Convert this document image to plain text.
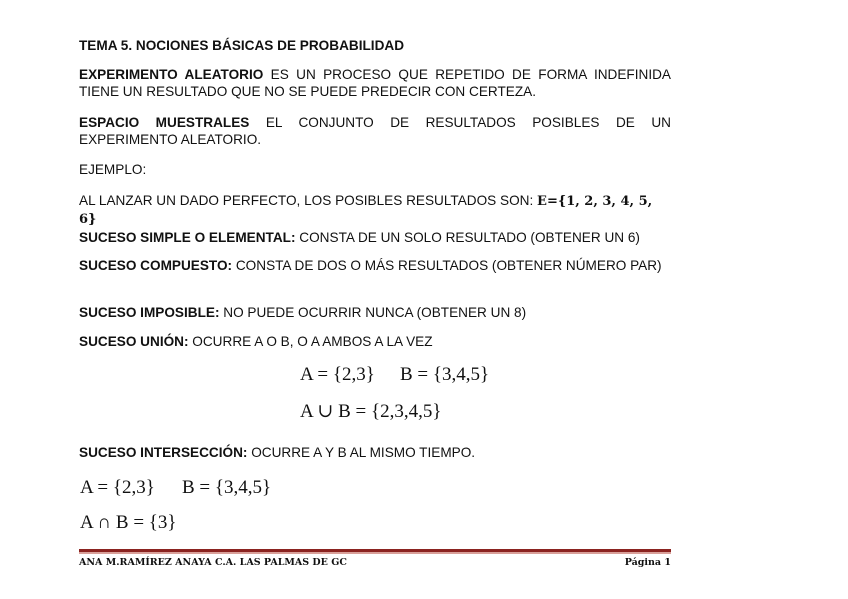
TEMA 5. NOCIONES BÁSICAS DE PROBABILIDAD
EXPERIMENTO ALEATORIO ES UN PROCESO QUE REPETIDO DE FORMA INDEFINIDA TIENE UN RESULTADO QUE NO SE PUEDE PREDECIR CON CERTEZA.
ESPACIO MUESTRALES EL CONJUNTO DE RESULTADOS POSIBLES DE UN EXPERIMENTO ALEATORIO.
EJEMPLO:
AL LANZAR UN DADO PERFECTO, LOS POSIBLES RESULTADOS SON: E={1, 2, 3, 4, 5, 6}
SUCESO SIMPLE O ELEMENTAL: CONSTA DE UN SOLO RESULTADO (OBTENER UN 6)
SUCESO COMPUESTO: CONSTA DE DOS O MÁS RESULTADOS (OBTENER NÚMERO PAR)
SUCESO IMPOSIBLE: NO PUEDE OCURRIR NUNCA (OBTENER UN 8)
SUCESO UNIÓN: OCURRE A O B, O A AMBOS A LA VEZ
A = {2,3} B = {3,4,5}
A ∪ B = {2,3,4,5}
SUCESO INTERSECCIÓN: OCURRE A Y B AL MISMO TIEMPO.
A = {2,3} B = {3,4,5}
A ∩ B = {3}
ANA M.RAMÍREZ ANAYA C.A. LAS PALMAS DE GC	Página 1
